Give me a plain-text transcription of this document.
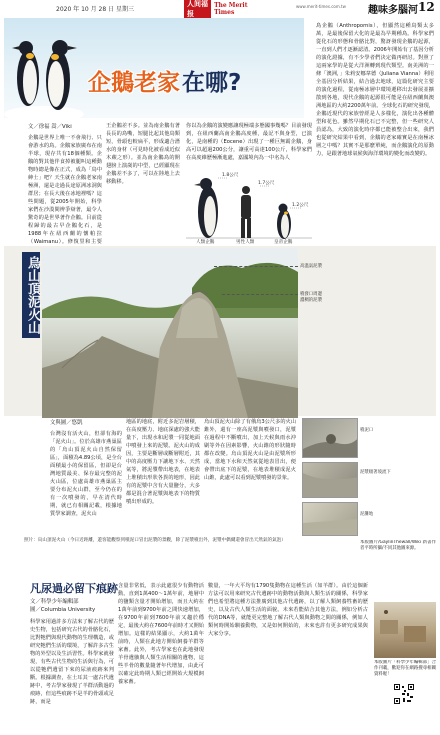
2020 年 10 月 28 日 星期三
人间福报
The Merit Times
www.merit-times.com.tw 趣味多腦河 12
企鵝老家 在哪 ?
文／徐福 嵩／Viki
企鵝是世界上唯一不會飛行、只會游水的鳥。企鵝家族廣布在南半球，現存共有18個種類。企鵝的對其他伴食掉被腿叫這種動物時總是像在正式，成為「鳥中紳士」吧？天生就在企鵝老家南極洲，還是走過長途原洲冰洞與群居；在長大後在冰地裡嗎？這些問題，從2005年開始，科學家們在沙漠間辨爭辯著，最令人驚奇的是世界著作企鵝。目前從程歸的最古早企鵝化石，是1988年在紐西蘭的懷帕拉（Waimanu）。修復里和主要
王企鵝差不多。並為南企鵝有著長長的鳥嘴，短腿比起其他鳥類短，骨頭也較扁平，形成適合潛水的身材（可見時化被看成近似木蕨之形）。並為南企鵝鳥的開翅膀上演歲的中型，已經顯現在企鵝差不多了，可以在陸地上去移動移。
你以為企鵝的演變應讓現極端多態國事幾嗎？目前發現到，在紐西蘭高南企鵝高度種，最記不與身型，已演化，是南種的（Eocene）出現了一種巨無霸企鵝，身高可以超過200公分，讓重可高達100公斤，科學家們在高度維歷極漸進處，嘉國境內為一中名為人
鳥企鵝（Anthropornis），但顯然這種鳥類太多萬，是最後保留大化的是最為早期種鳥。科學家們從化石的形態和骨骼比對，驚訝發現企鵝的起源，一直到人們才逐漸認清。2006年開始有了基因分析的演化證據，有不少學者們決定做再研討。對照了這兩家學的是從大洋洲轉到現代類型。南美洲的一條「澳洲，」朱莉安娜韋德（Juliana Vianna）利用全基因分析結果，結合過去地球，這篇化研究主要的演化過程，從南極冰層中環境遷移出去發展並擴散到各地，現代企鵝的起源很可能是在紐西蘭與澳洲地區的大約2200萬年前。全球化石的研究發現，企鵝近現代的家族曾經是人多樣化，演化出各種體型和花色。雖然早期化石已不完整，但一些研究人員認為，大致的演化時序都已能被整合出來，我們也從研究結果中看到，企鵝的老家確實是在南極冰層之中嗎？其實不是那麼單純，而企鵝演化的原動力，是跟著地球氣候與海洋環境的變化而改變的。
1.8公尺
1.7公尺
1.2公尺
人類企鵝	男性人類	皇帝企鵝
烏山頂泥火山	高溫氣泥漿
噴發口周邊
濃稠的泥漿
文與圖／悠凱
台灣沒有活火山，但卻有海的「泥火山」。位於高雄市燕巢區的「烏山頂泥火山自然保留區」，面積為4.89公頃，是全台面積最小的保留區，但卻是台灣地質最美、保存最完整的泥火山區，位處高雄市燕巢區主要分布泥火山群，至今仍在的有一次噴發的，早在清代時期，就已有相關記載，根據地質學家調查，泥火山
地區的地底，附近多泥岩層積，在高度壓力、地底深處的強大能量下，出現水和泥漿一同從地面中噴發上來的泥漿。泥火山的成因，主要是斷層或斷層附近，其中的高度壓力下讓地下水、天然氣等，將泥漿帶出地表，在地表上堆積出形狀各異的地形，因此有的泥漿中含有大量鹽分，大多都是混合著泥漿與地表下的物質噴出形成的。
烏山頂泥火山除了有俄烏3公尺多的火山錐外，還有一座高泥漿與噴發口，泥漿在過程中不斷噴出，加上天候與雨水沖刷等外在因素影響，火山錐的形狀隨時都在改變。烏山頂泥火山是由泥漿所形成，當地下水和天然氣從地表冒出，便會帶出底下的泥漿，在地表堆積成泥火山錐，此處可以看到泥漿噴發的景象。
照片：烏山頂泥火山（今日近距離，遊客能觀察到噴泥口冒出泥漿的景觀，除了泥漿噴出外，泥漿中偶爾還會冒出天然氣的氣泡）
噴泥口
泥漿順著坡流下
泥灘地
本版圖片/GaylinThewall/Wiki 新書作者平時所攝/不同其他圖來源。
凡尿過必留下痕跡
文／科學少年編輯部
圖／Columbia University
科學家用過許多方法來了解古代的歷史生物，包括研究古代的骨骼化石，比對牠們與現代動物的生理構造，或研究牠們生活的環境，了解許多古生物的外型以及生活習性。科學家就發現，有些古代生物的生活與行為，可以從牠們遺留下來的尿液痕跡來判斷。根據調查，在土耳其一處古代遺跡中，考古學家發現了羊群活動過的痕跡，但這些痕跡不是羊的骨頭或足跡，而是
含量非常低，表示此處很少有動物活動。直到1萬400～1萬年前，地層中的鹽類含量才開始增加，而且大約在1萬年前到9700年前之間快速增加，在9700年前到7600年前又趨於穩定，最後大約在7600年前時才又開始增加。這樣的結果顯示，大約1萬年前時，人類在此地方開始飼養羊群等家畜。此外，考古學家也在此地發現羊骨遺骸與人類生活相關的遺物，這些羊骨的數量隨著年代增加，由此可以確定此時期人類已經開始大規模飼養家畜。
數量，一年大平均有1790隻動物在這種生活（如羊群）。由於這個新方法可以用來研究古代遺跡中的動物活動與人類生活的關係，科學家們也希望將這種方法推廣到其他古代遺跡，以了解人類飼養牲畜的歷史，以及古代人類生活的面貌。未來若能結合其他方法，例如分析古代的DNA等，就能更完整地了解古代人類與動物之間的關係，例如人類何時開始馴養動物，又是如何開始的，未來也許有更多研究成果與大家分享。
本版圖片「科學少年編輯部」合作刊載，歡迎你在網路搜尋相關資料喔！
